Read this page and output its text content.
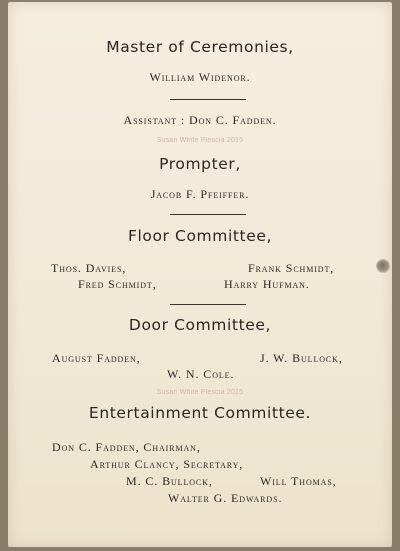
Master of Ceremonies,
William Widenor.
Assistant : Don C. Fadden.
Susan White Plescia 2015
Prompter,
Jacob F. Pfeiffer.
Floor Committee,
Thos. Davies,	Frank Schmidt,
Fred Schmidt,	Harry Hufman.
Door Committee,
August Fadden,	J. W. Bullock,
W. N. Cole.
Susan White Plescia 2015
Entertainment Committee.
Don C. Fadden, Chairman,
Arthur Clancy, Secretary,
M. C. Bullock,	Will Thomas,
Walter G. Edwards.
